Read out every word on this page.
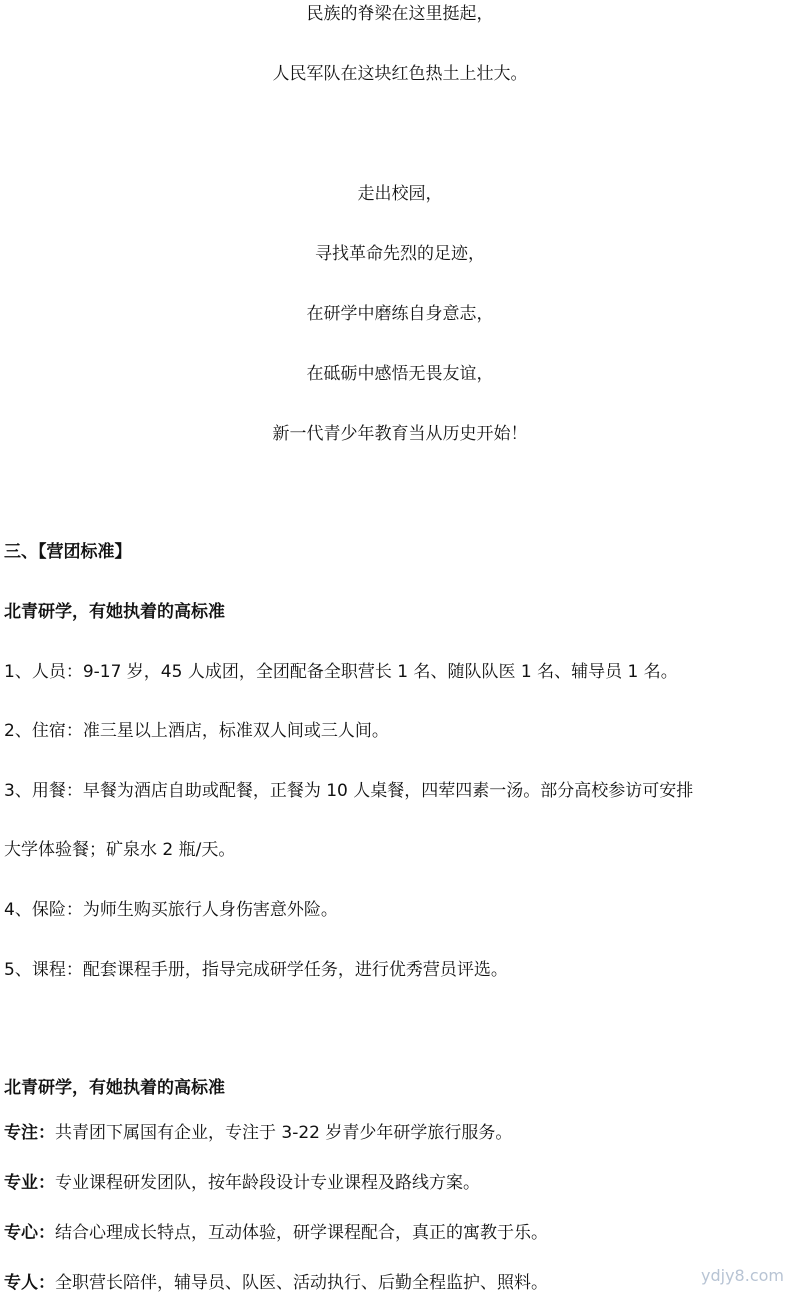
民族的脊梁在这里挺起，
人民军队在这块红色热土上壮大。
走出校园，
寻找革命先烈的足迹，
在研学中磨练自身意志，
在砥砺中感悟无畏友谊，
新一代青少年教育当从历史开始！
三、【营团标准】
北青研学，有她执着的高标准
1、人员：9-17 岁，45 人成团，全团配备全职营长 1 名、随队队医 1 名、辅导员 1 名。
2、住宿：准三星以上酒店，标准双人间或三人间。
3、用餐：早餐为酒店自助或配餐，正餐为 10 人桌餐，四荤四素一汤。部分高校参访可安排
大学体验餐；矿泉水 2 瓶/天。
4、保险：为师生购买旅行人身伤害意外险。
5、课程：配套课程手册，指导完成研学任务，进行优秀营员评选。
北青研学，有她执着的高标准
专注：共青团下属国有企业，专注于 3-22 岁青少年研学旅行服务。
专业：专业课程研发团队，按年龄段设计专业课程及路线方案。
专心：结合心理成长特点，互动体验，研学课程配合，真正的寓教于乐。
专人：全职营长陪伴，辅导员、队医、活动执行、后勤全程监护、照料。	ydjy8.com
